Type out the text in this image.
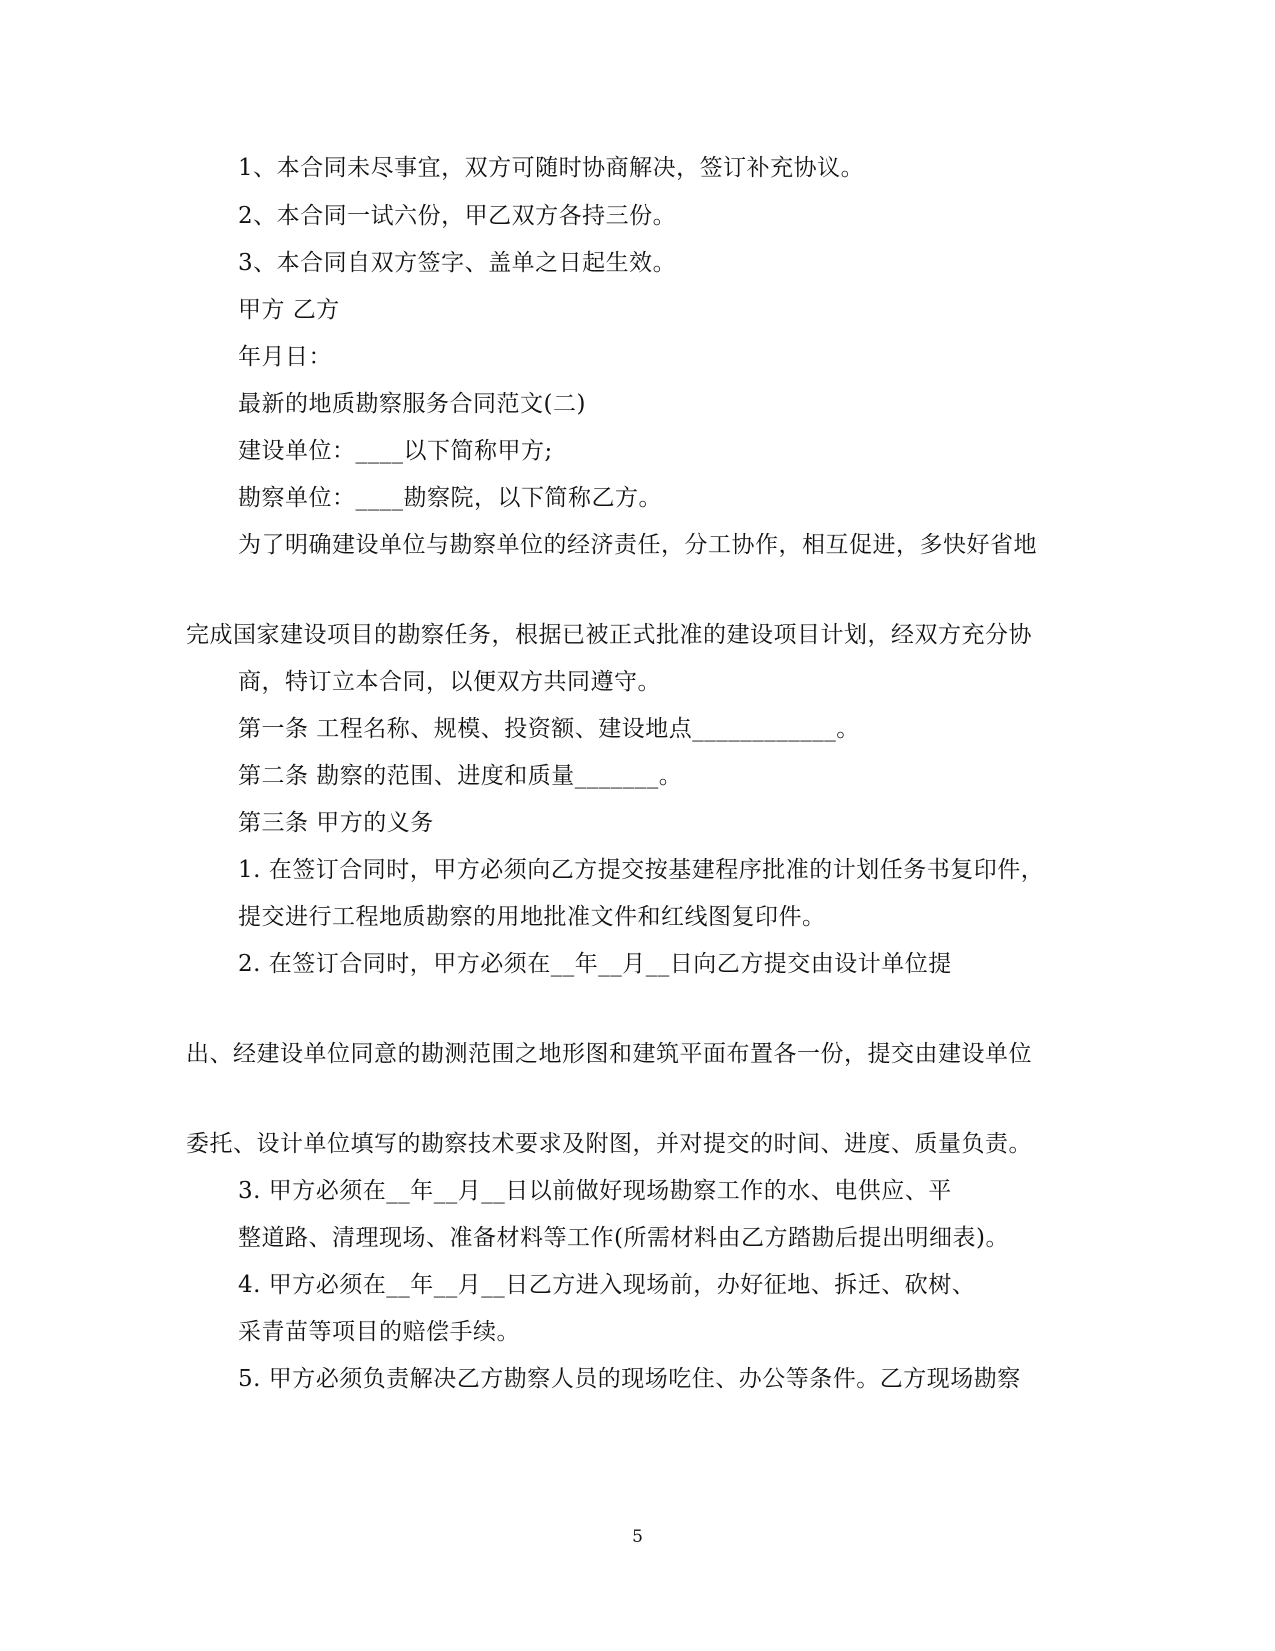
1、本合同未尽事宜，双方可随时协商解决，签订补充协议。
2、本合同一试六份，甲乙双方各持三份。
3、本合同自双方签字、盖单之日起生效。
甲方 乙方
年月日：
最新的地质勘察服务合同范文(二)
建设单位：____以下简称甲方;
勘察单位：____勘察院，以下简称乙方。
为了明确建设单位与勘察单位的经济责任，分工协作，相互促进，多快好省地
完成国家建设项目的勘察任务，根据已被正式批准的建设项目计划，经双方充分协
商，特订立本合同，以便双方共同遵守。
第一条 工程名称、规模、投资额、建设地点____________。
第二条 勘察的范围、进度和质量_______。
第三条 甲方的义务
1. 在签订合同时，甲方必须向乙方提交按基建程序批准的计划任务书复印件，
提交进行工程地质勘察的用地批准文件和红线图复印件。
2. 在签订合同时，甲方必须在__年__月__日向乙方提交由设计单位提
出、经建设单位同意的勘测范围之地形图和建筑平面布置各一份，提交由建设单位
委托、设计单位填写的勘察技术要求及附图，并对提交的时间、进度、质量负责。
3. 甲方必须在__年__月__日以前做好现场勘察工作的水、电供应、平
整道路、清理现场、准备材料等工作(所需材料由乙方踏勘后提出明细表)。
4. 甲方必须在__年__月__日乙方进入现场前，办好征地、拆迁、砍树、
采青苗等项目的赔偿手续。
5. 甲方必须负责解决乙方勘察人员的现场吃住、办公等条件。乙方现场勘察
5
